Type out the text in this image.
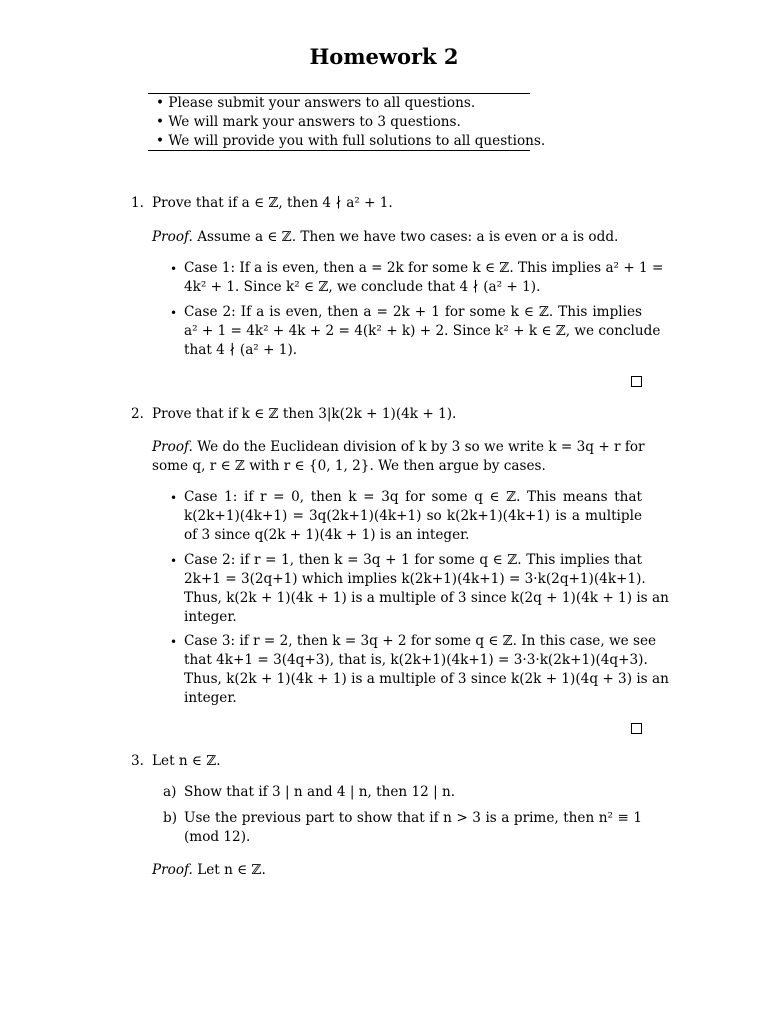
Homework 2
• Please submit your answers to all questions.
• We will mark your answers to 3 questions.
• We will provide you with full solutions to all questions.
1. Prove that if a ∈ ℤ, then 4 ∤ a² + 1.
Proof. Assume a ∈ ℤ. Then we have two cases: a is even or a is odd.
• Case 1: If a is even, then a = 2k for some k ∈ ℤ. This implies a² + 1 =
4k² + 1. Since k² ∈ ℤ, we conclude that 4 ∤ (a² + 1).
• Case 2: If a is even, then a = 2k + 1 for some k ∈ ℤ. This implies
a² + 1 = 4k² + 4k + 2 = 4(k² + k) + 2. Since k² + k ∈ ℤ, we conclude
that 4 ∤ (a² + 1).
2. Prove that if k ∈ ℤ then 3|k(2k + 1)(4k + 1).
Proof. We do the Euclidean division of k by 3 so we write k = 3q + r for
some q, r ∈ ℤ with r ∈ {0, 1, 2}. We then argue by cases.
• Case 1: if r = 0, then k = 3q for some q ∈ ℤ. This means that
k(2k+1)(4k+1) = 3q(2k+1)(4k+1) so k(2k+1)(4k+1) is a multiple
of 3 since q(2k + 1)(4k + 1) is an integer.
• Case 2: if r = 1, then k = 3q + 1 for some q ∈ ℤ. This implies that
2k+1 = 3(2q+1) which implies k(2k+1)(4k+1) = 3·k(2q+1)(4k+1).
Thus, k(2k + 1)(4k + 1) is a multiple of 3 since k(2q + 1)(4k + 1) is an
integer.
• Case 3: if r = 2, then k = 3q + 2 for some q ∈ ℤ. In this case, we see
that 4k+1 = 3(4q+3), that is, k(2k+1)(4k+1) = 3·3·k(2k+1)(4q+3).
Thus, k(2k + 1)(4k + 1) is a multiple of 3 since k(2k + 1)(4q + 3) is an
integer.
3. Let n ∈ ℤ.
a) Show that if 3 | n and 4 | n, then 12 | n.
b) Use the previous part to show that if n > 3 is a prime, then n² ≡ 1
(mod 12).
Proof. Let n ∈ ℤ.
